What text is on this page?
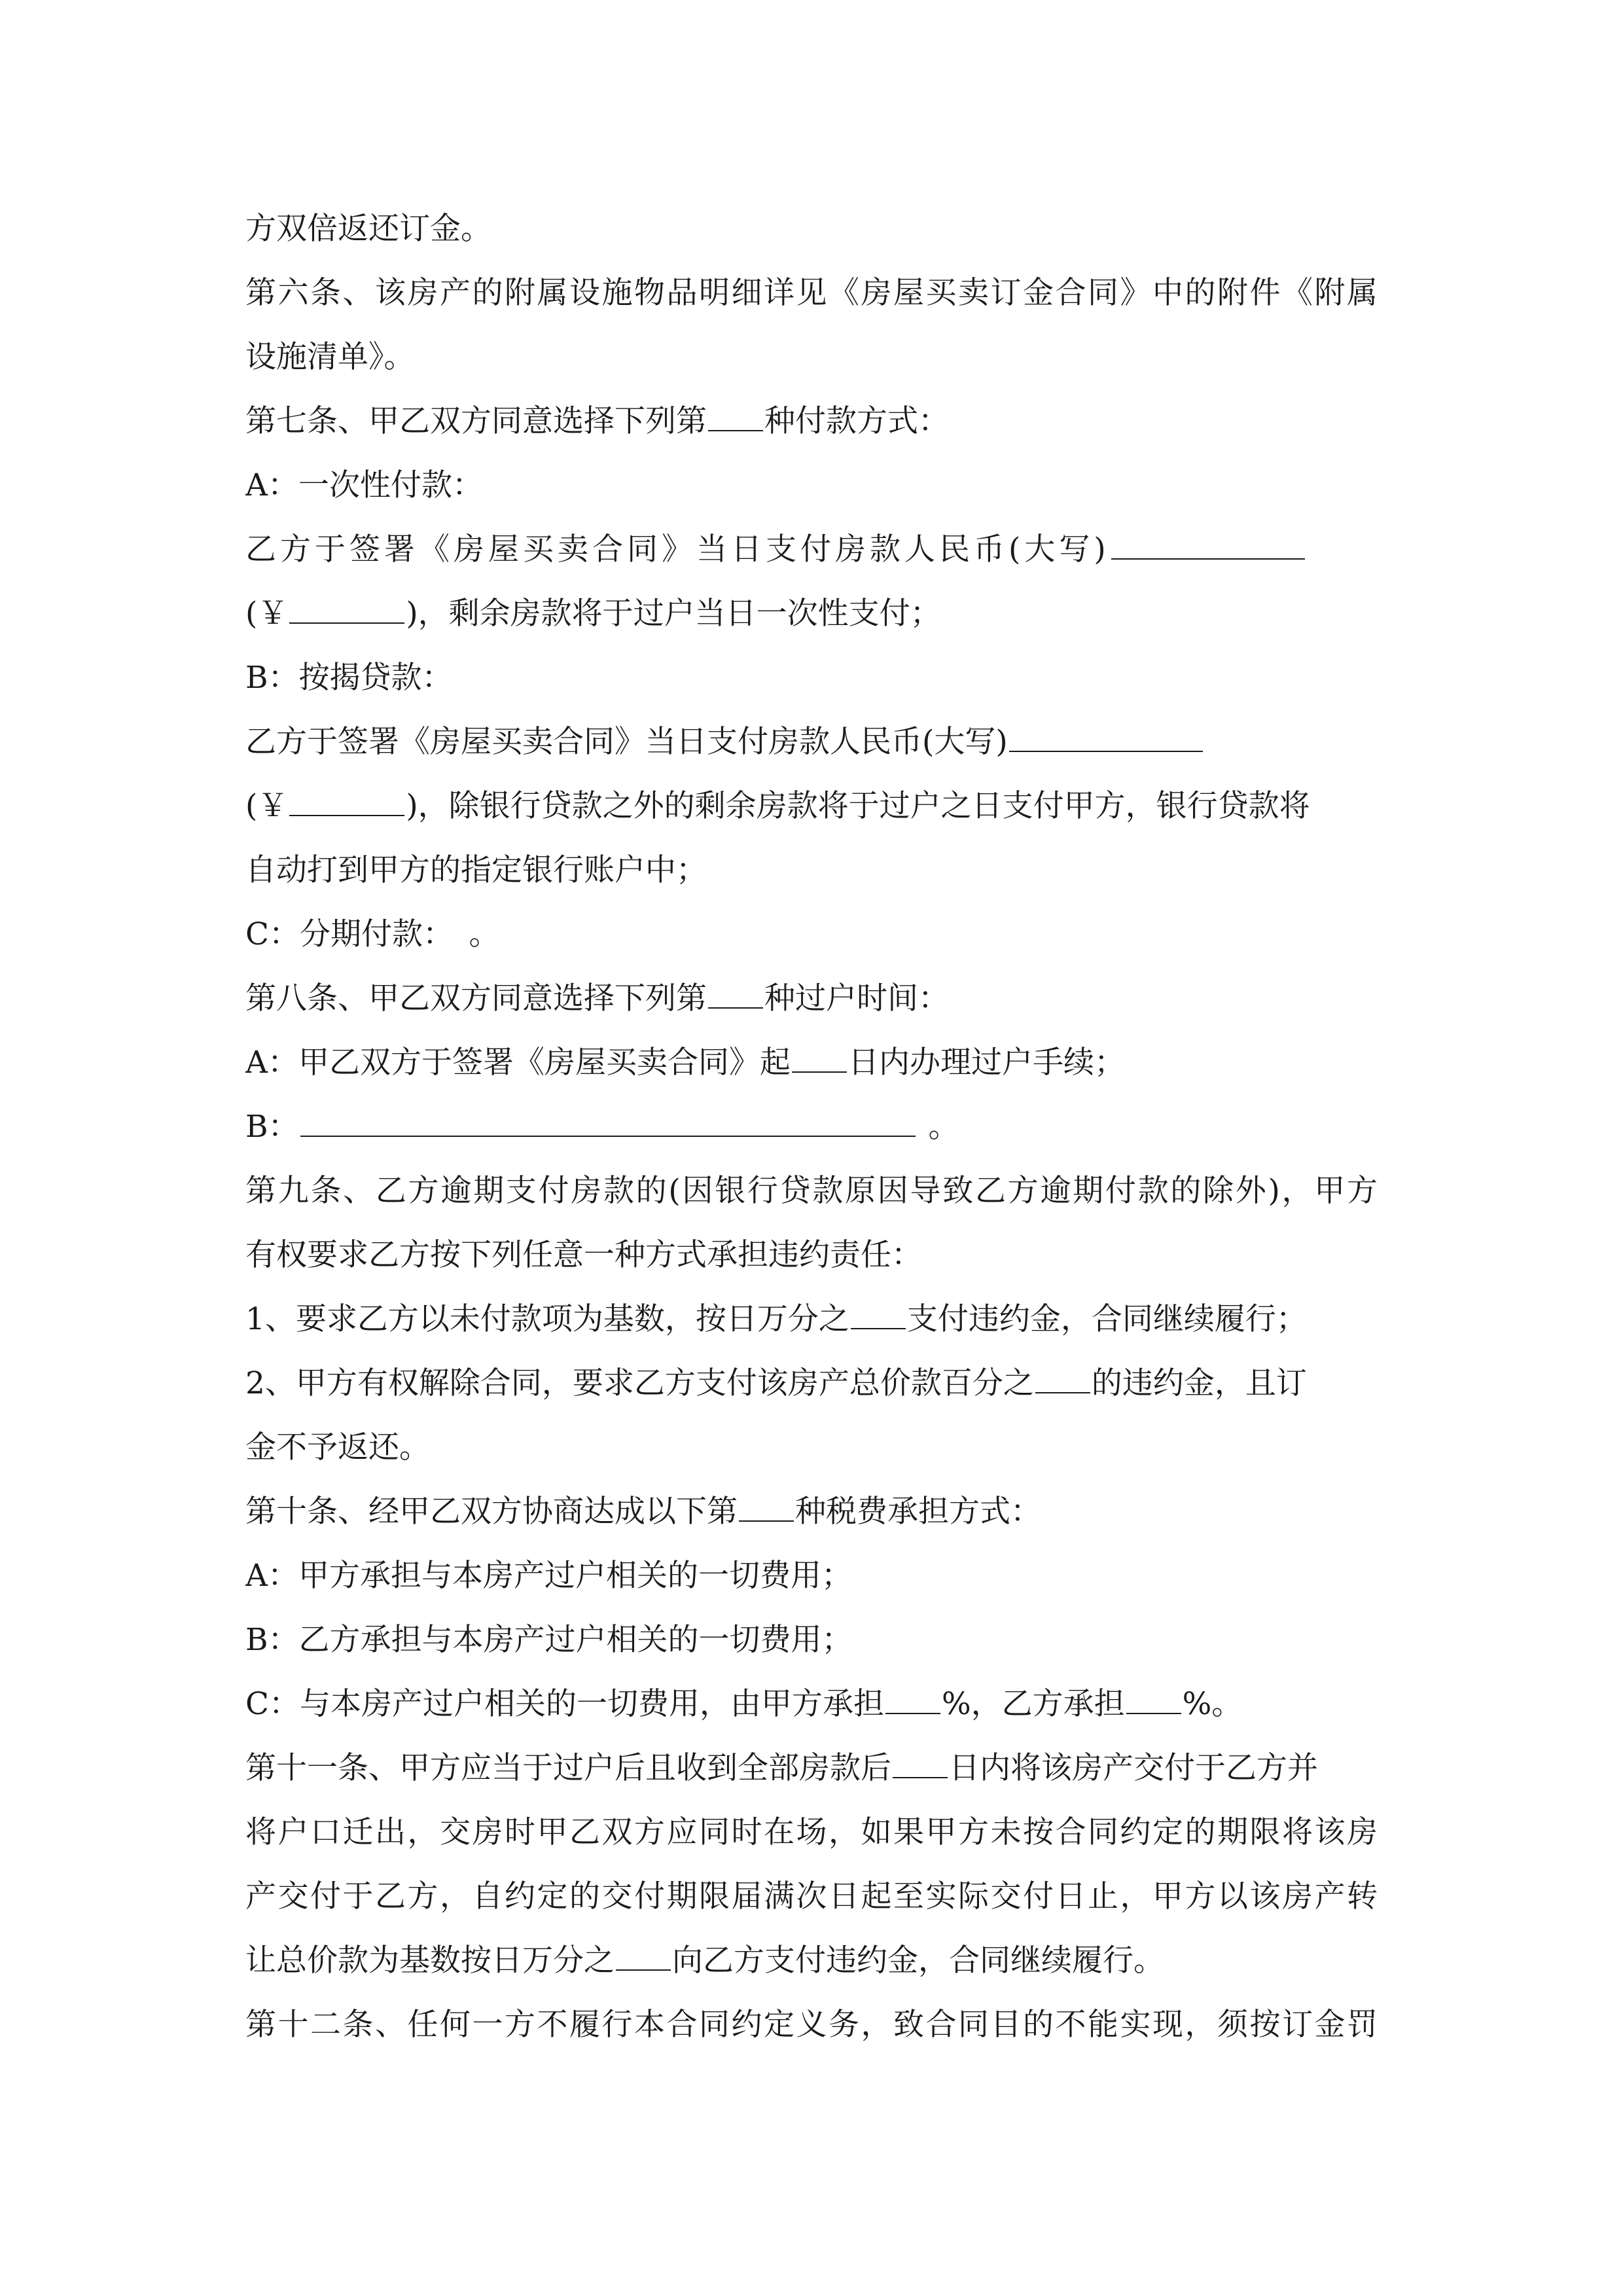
方双倍返还订金。
第六条、该房产的附属设施物品明细详见《房屋买卖订金合同》中的附件《附属
设施清单》。
第七条、甲乙双方同意选择下列第 种付款方式：
A：一次性付款：
乙方于签署《房屋买卖合同》当日支付房款人民币(大写)
(￥	)，剩余房款将于过户当日一次性支付；
B：按揭贷款：
乙方于签署《房屋买卖合同》当日支付房款人民币(大写)
(￥	)，除银行贷款之外的剩余房款将于过户之日支付甲方，银行贷款将
自动打到甲方的指定银行账户中；
C：分期付款：　。
第八条、甲乙双方同意选择下列第 种过户时间：
A：甲乙双方于签署《房屋买卖合同》起 日内办理过户手续；
B：	。
第九条、乙方逾期支付房款的(因银行贷款原因导致乙方逾期付款的除外)，甲方
有权要求乙方按下列任意一种方式承担违约责任：
1、要求乙方以未付款项为基数，按日万分之 支付违约金，合同继续履行；
2、甲方有权解除合同，要求乙方支付该房产总价款百分之 的违约金，且订
金不予返还。
第十条、经甲乙双方协商达成以下第 种税费承担方式：
A：甲方承担与本房产过户相关的一切费用；
B：乙方承担与本房产过户相关的一切费用；
C：与本房产过户相关的一切费用，由甲方承担 %，乙方承担 %。
第十一条、甲方应当于过户后且收到全部房款后 日内将该房产交付于乙方并
将户口迁出，交房时甲乙双方应同时在场，如果甲方未按合同约定的期限将该房
产交付于乙方，自约定的交付期限届满次日起至实际交付日止，甲方以该房产转
让总价款为基数按日万分之 向乙方支付违约金，合同继续履行。
第十二条、任何一方不履行本合同约定义务，致合同目的不能实现，须按订金罚
